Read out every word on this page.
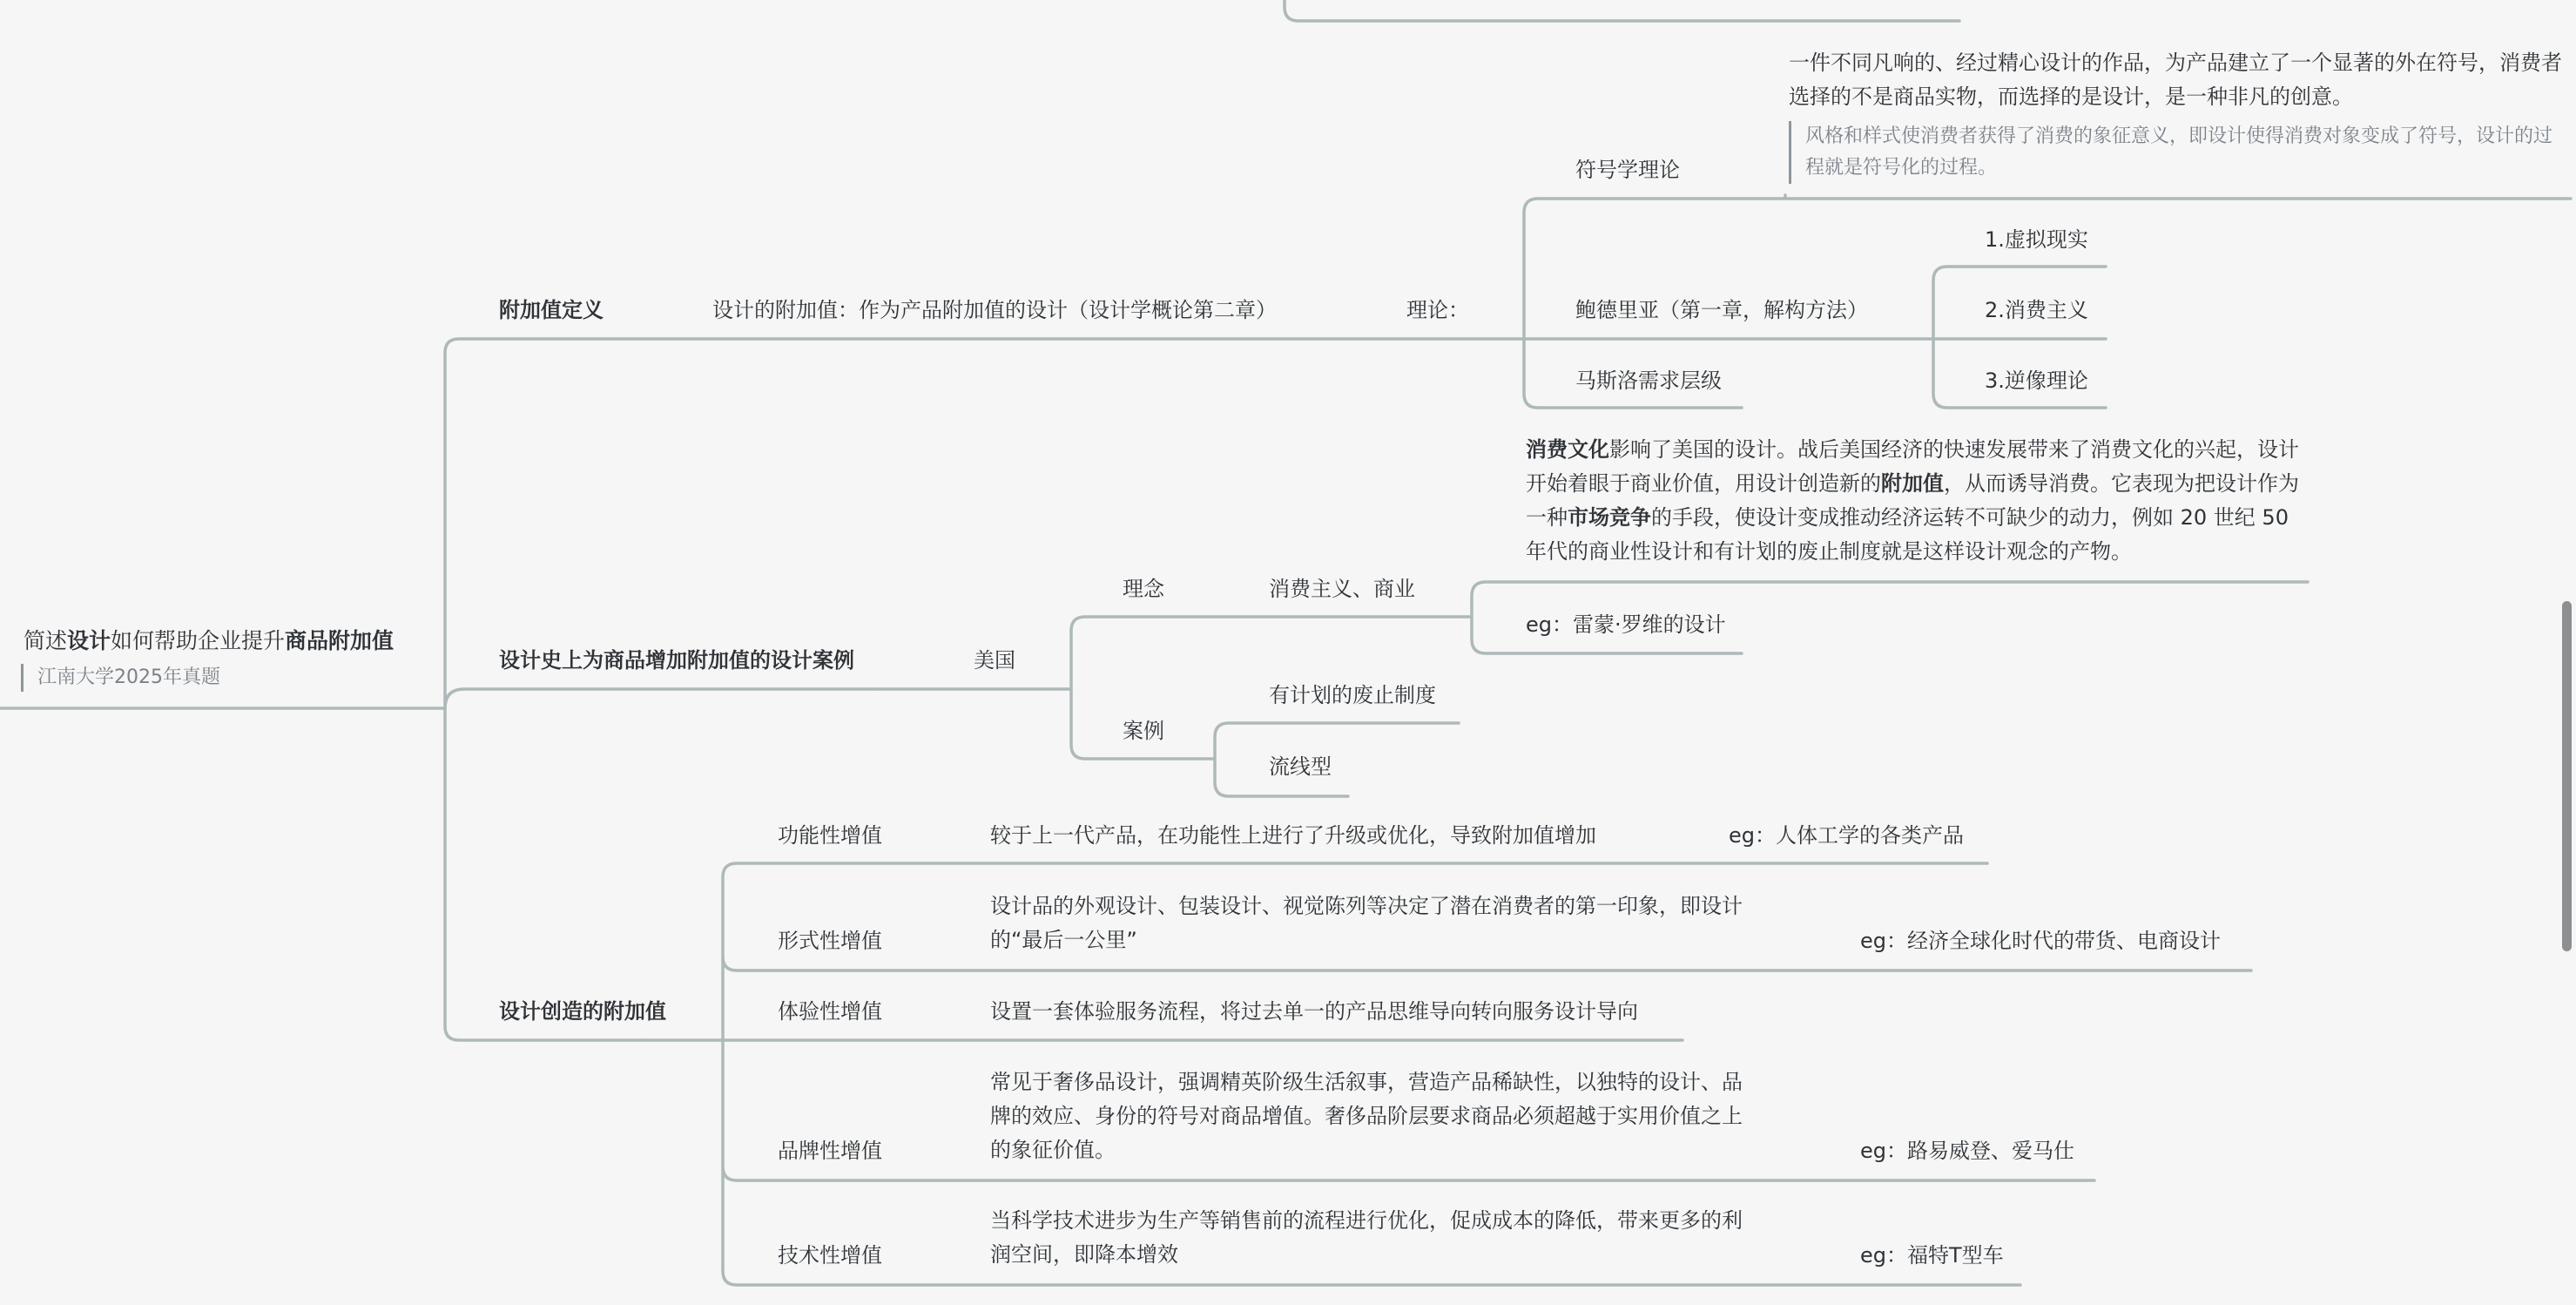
简述设计如何帮助企业提升商品附加值
江南大学2025年真题
附加值定义	设计的附加值：作为产品附加值的设计（设计学概论第二章）	理论：
符号学理论
一件不同凡响的、经过精心设计的作品，为产品建立了一个显著的外在符号，消费者选择的不是商品实物，而选择的是设计，是一种非凡的创意。
风格和样式使消费者获得了消费的象征意义，即设计使得消费对象变成了符号，设计的过程就是符号化的过程。
鲍德里亚（第一章，解构方法）
1.虚拟现实
2.消费主义
3.逆像理论
马斯洛需求层级
设计史上为商品增加附加值的设计案例	美国
理念	消费主义、商业
消费文化影响了美国的设计。战后美国经济的快速发展带来了消费文化的兴起，设计开始着眼于商业价值，用设计创造新的附加值，从而诱导消费。它表现为把设计作为一种市场竞争的手段，使设计变成推动经济运转不可缺少的动力，例如 20 世纪 50 年代的商业性设计和有计划的废止制度就是这样设计观念的产物。
eg：雷蒙·罗维的设计
案例
有计划的废止制度
流线型
设计创造的附加值
功能性增值	较于上一代产品，在功能性上进行了升级或优化，导致附加值增加	eg：人体工学的各类产品
形式性增值
设计品的外观设计、包装设计、视觉陈列等决定了潜在消费者的第一印象，即设计的“最后一公里”	eg：经济全球化时代的带货、电商设计
体验性增值	设置一套体验服务流程，将过去单一的产品思维导向转向服务设计导向
品牌性增值
常见于奢侈品设计，强调精英阶级生活叙事，营造产品稀缺性，以独特的设计、品牌的效应、身份的符号对商品增值。奢侈品阶层要求商品必须超越于实用价值之上的象征价值。	eg：路易威登、爱马仕
技术性增值
当科学技术进步为生产等销售前的流程进行优化，促成成本的降低，带来更多的利润空间，即降本增效	eg：福特T型车
